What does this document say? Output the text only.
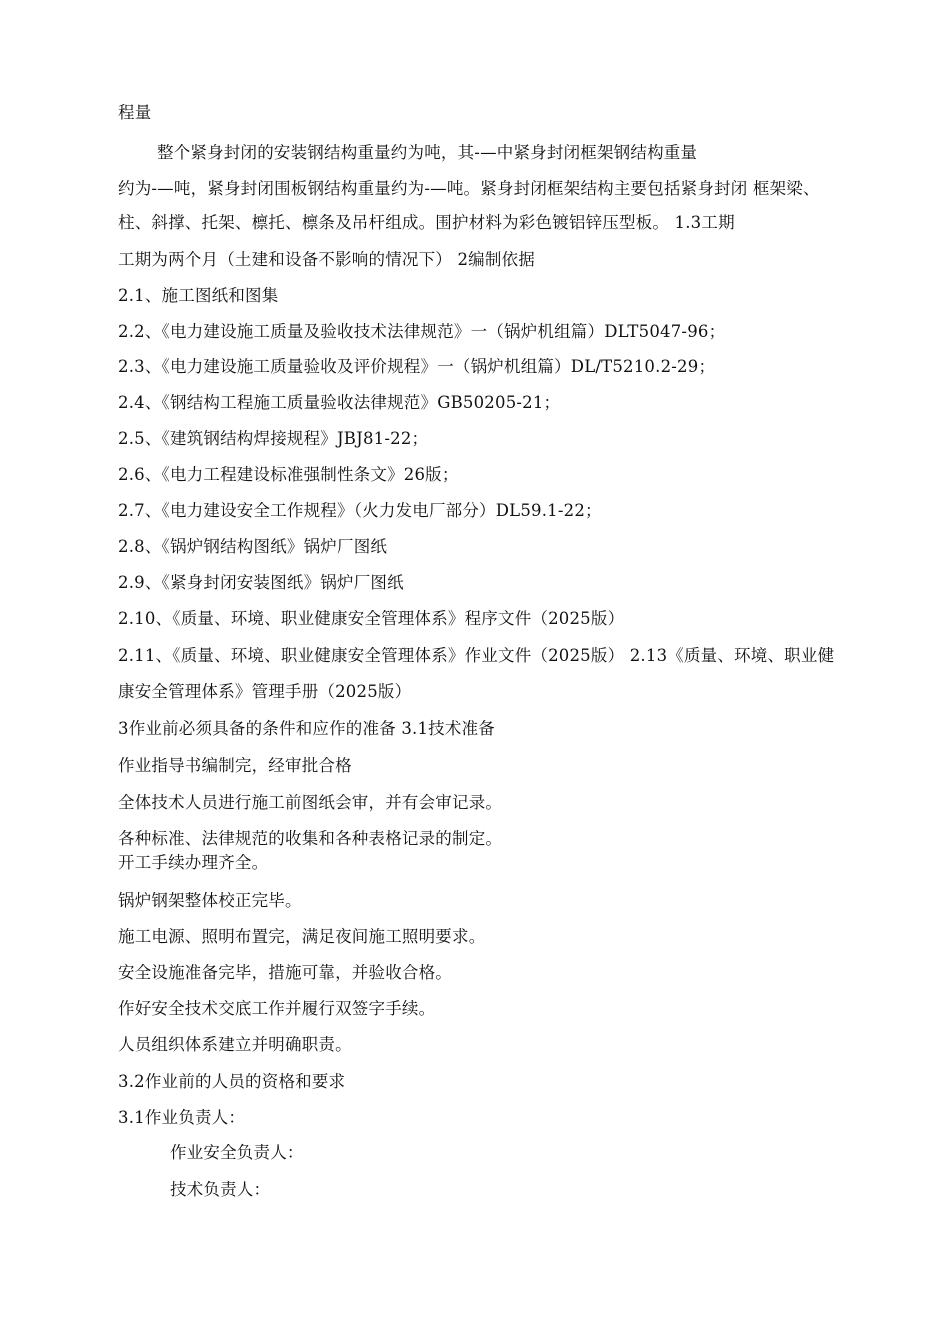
程量
整个紧身封闭的安装钢结构重量约为吨，其-—中紧身封闭框架钢结构重量
约为-—吨，紧身封闭围板钢结构重量约为-—吨。紧身封闭框架结构主要包括紧身封闭 框架梁、
柱、斜撑、托架、檩托、檩条及吊杆组成。围护材料为彩色镀铝锌压型板。 1.3工期
工期为两个月（土建和设备不影响的情况下） 2编制依据
2.1、施工图纸和图集
2.2、《电力建设施工质量及验收技术法律规范》一（锅炉机组篇）DLT5047-96；
2.3、《电力建设施工质量验收及评价规程》一（锅炉机组篇）DL/T5210.2-29；
2.4、《钢结构工程施工质量验收法律规范》GB50205-21；
2.5、《建筑钢结构焊接规程》JBJ81-22；
2.6、《电力工程建设标准强制性条文》26版；
2.7、《电力建设安全工作规程》（火力发电厂部分）DL59.1-22；
2.8、《锅炉钢结构图纸》锅炉厂图纸
2.9、《紧身封闭安装图纸》锅炉厂图纸
2.10、《质量、环境、职业健康安全管理体系》程序文件（2025版）
2.11、《质量、环境、职业健康安全管理体系》作业文件（2025版） 2.13《质量、环境、职业健
康安全管理体系》管理手册（2025版）
3作业前必须具备的条件和应作的准备 3.1技术准备
作业指导书编制完，经审批合格
全体技术人员进行施工前图纸会审，并有会审记录。
各种标准、法律规范的收集和各种表格记录的制定。
开工手续办理齐全。
锅炉钢架整体校正完毕。
施工电源、照明布置完，满足夜间施工照明要求。
安全设施准备完毕，措施可靠，并验收合格。
作好安全技术交底工作并履行双签字手续。
人员组织体系建立并明确职责。
3.2作业前的人员的资格和要求
3.1作业负责人：
作业安全负责人：
技术负责人：
